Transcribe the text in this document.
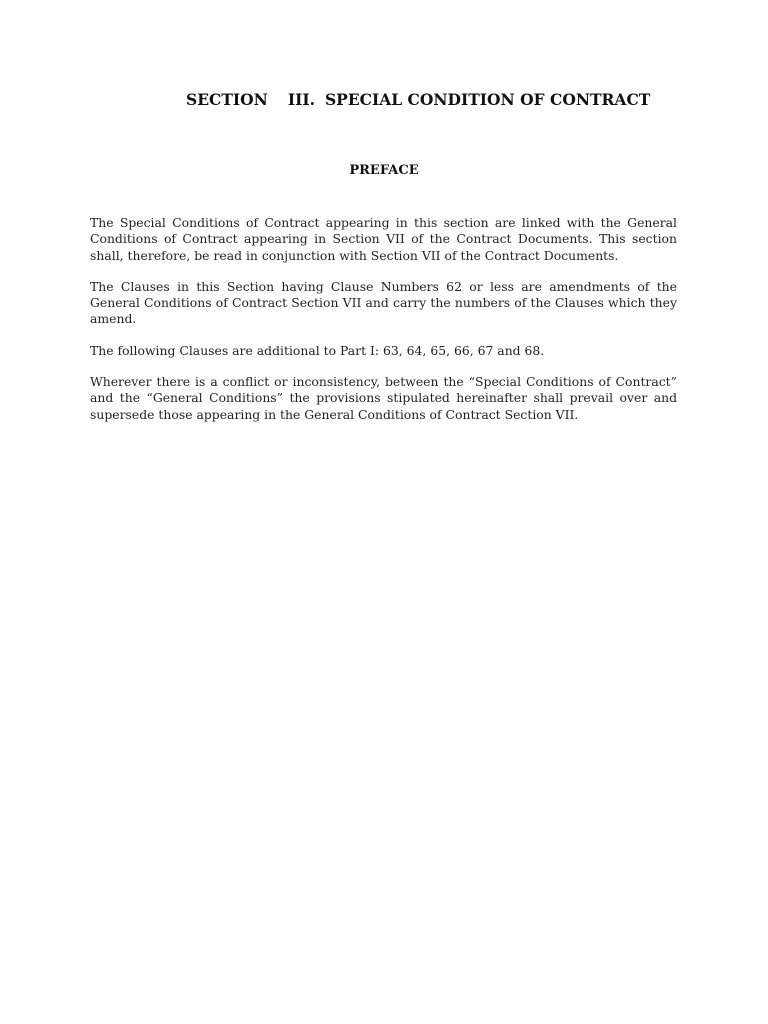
SECTION III. SPECIAL CONDITION OF CONTRACT
PREFACE

The Special Conditions of Contract appearing in this section are linked with the General Conditions of Contract appearing in Section VII of the Contract Documents. This section shall, therefore, be read in conjunction with Section VII of the Contract Documents.

The Clauses in this Section having Clause Numbers 62 or less are amendments of the General Conditions of Contract Section VII and carry the numbers of the Clauses which they amend.

The following Clauses are additional to Part I: 63, 64, 65, 66, 67 and 68.

Wherever there is a conflict or inconsistency, between the “Special Conditions of Contract” and the “General Conditions” the provisions stipulated hereinafter shall prevail over and supersede those appearing in the General Conditions of Contract Section VII.
